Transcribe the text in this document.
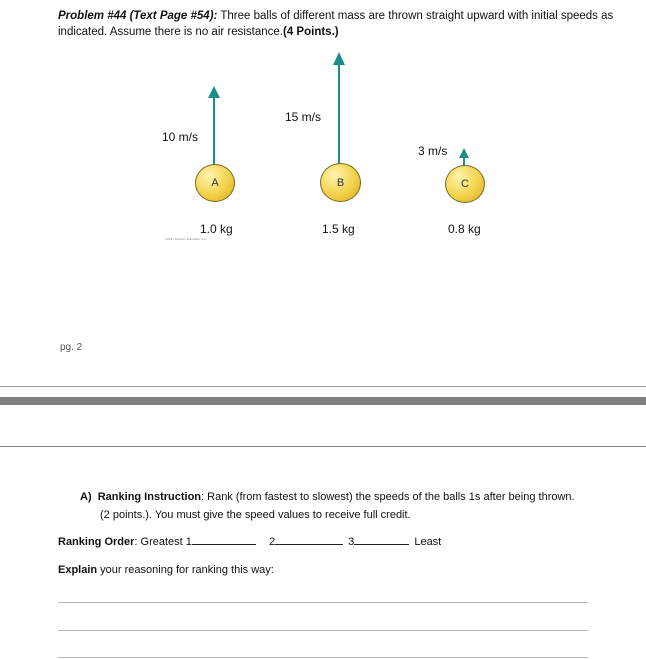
Problem #44 (Text Page #54): Three balls of different mass are thrown straight upward with initial speeds as indicated. Assume there is no air resistance.(4 Points.)
10 m/s
A
1.0 kg
©2014 Pearson Education, Inc.
15 m/s
B
1.5 kg
3 m/s
C
0.8 kg
pg. 2
A) Ranking Instruction: Rank (from fastest to slowest) the speeds of the balls 1s after being thrown.
(2 points.). You must give the speed values to receive full credit.
Ranking Order: Greatest 1	2	3	Least
Explain your reasoning for ranking this way:
